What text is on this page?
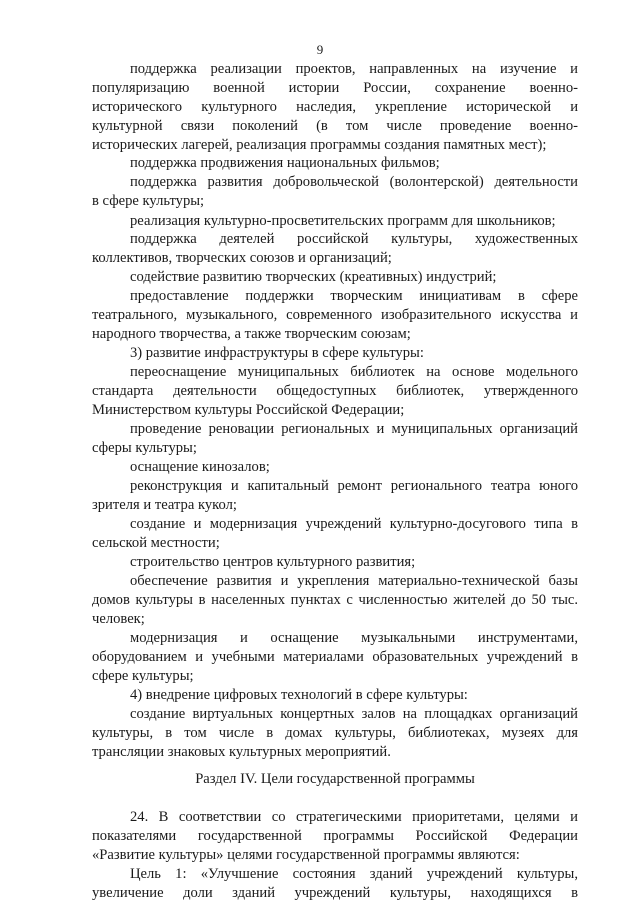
9
поддержка реализации проектов, направленных на изучение и
популяризацию военной истории России, сохранение военно-
исторического культурного наследия, укрепление исторической и
культурной связи поколений (в том числе проведение военно-
исторических лагерей, реализация программы создания памятных мест);
поддержка продвижения национальных фильмов;
поддержка развития добровольческой (волонтерской) деятельности
в сфере культуры;
реализация культурно-просветительских программ для школьников;
поддержка деятелей российской культуры, художественных
коллективов, творческих союзов и организаций;
содействие развитию творческих (креативных) индустрий;
предоставление поддержки творческим инициативам в сфере
театрального, музыкального, современного изобразительного искусства и
народного творчества, а также творческим союзам;
3) развитие инфраструктуры в сфере культуры:
переоснащение муниципальных библиотек на основе модельного
стандарта деятельности общедоступных библиотек, утвержденного
Министерством культуры Российской Федерации;
проведение реновации региональных и муниципальных организаций
сферы культуры;
оснащение кинозалов;
реконструкция и капитальный ремонт регионального театра юного
зрителя и театра кукол;
создание и модернизация учреждений культурно-досугового типа в
сельской местности;
строительство центров культурного развития;
обеспечение развития и укрепления материально-технической базы
домов культуры в населенных пунктах с численностью жителей до 50 тыс.
человек;
модернизация и оснащение музыкальными инструментами,
оборудованием и учебными материалами образовательных учреждений в
сфере культуры;
4) внедрение цифровых технологий в сфере культуры:
создание виртуальных концертных залов на площадках организаций
культуры, в том числе в домах культуры, библиотеках, музеях для
трансляции знаковых культурных мероприятий.
Раздел IV. Цели государственной программы
24. В соответствии со стратегическими приоритетами, целями и
показателями государственной программы Российской Федерации
«Развитие культуры» целями государственной программы являются:
Цель 1: «Улучшение состояния зданий учреждений культуры,
увеличение доли зданий учреждений культуры, находящихся в
